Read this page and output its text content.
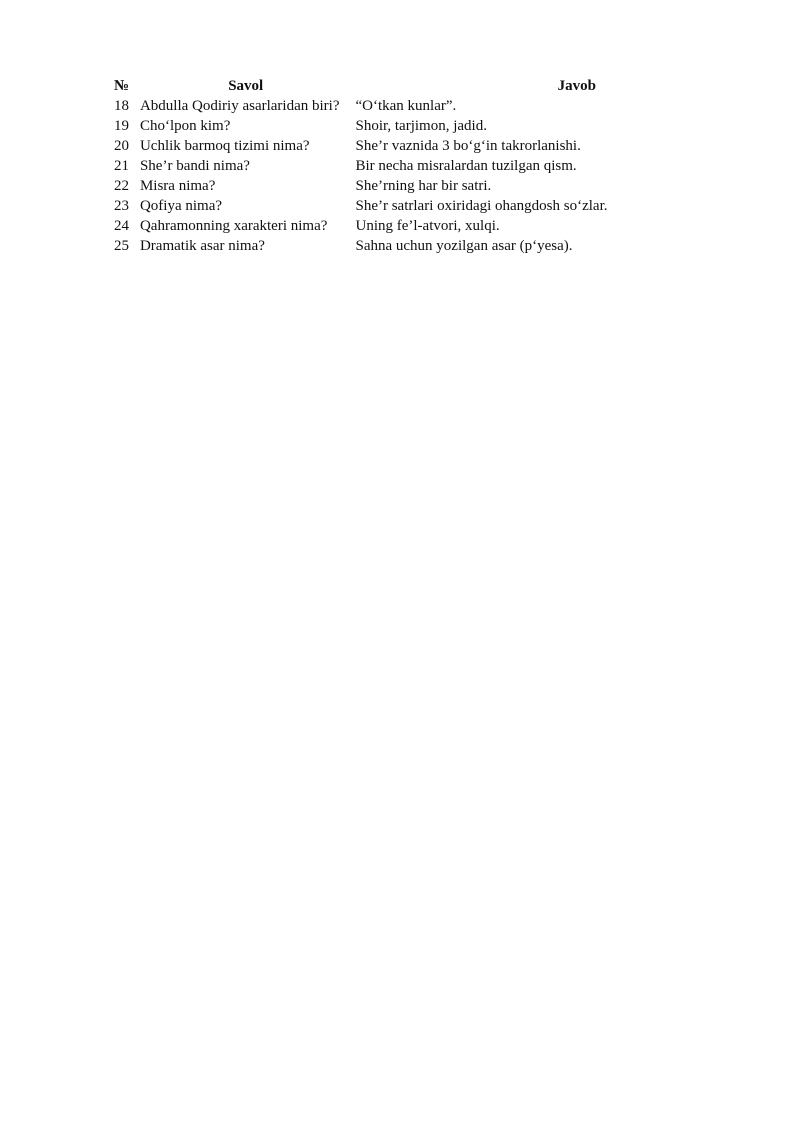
№	Savol	Javob
18	Abdulla Qodiriy asarlaridan biri?	“O‘tkan kunlar”.
19	Cho‘lpon kim?	Shoir, tarjimon, jadid.
20	Uchlik barmoq tizimi nima?	She’r vaznida 3 bo‘g‘in takrorlanishi.
21	She’r bandi nima?	Bir necha misralardan tuzilgan qism.
22	Misra nima?	She’rning har bir satri.
23	Qofiya nima?	She’r satrlari oxiridagi ohangdosh so‘zlar.
24	Qahramonning xarakteri nima?	Uning fe’l-atvori, xulqi.
25	Dramatik asar nima?	Sahna uchun yozilgan asar (p‘yesa).
